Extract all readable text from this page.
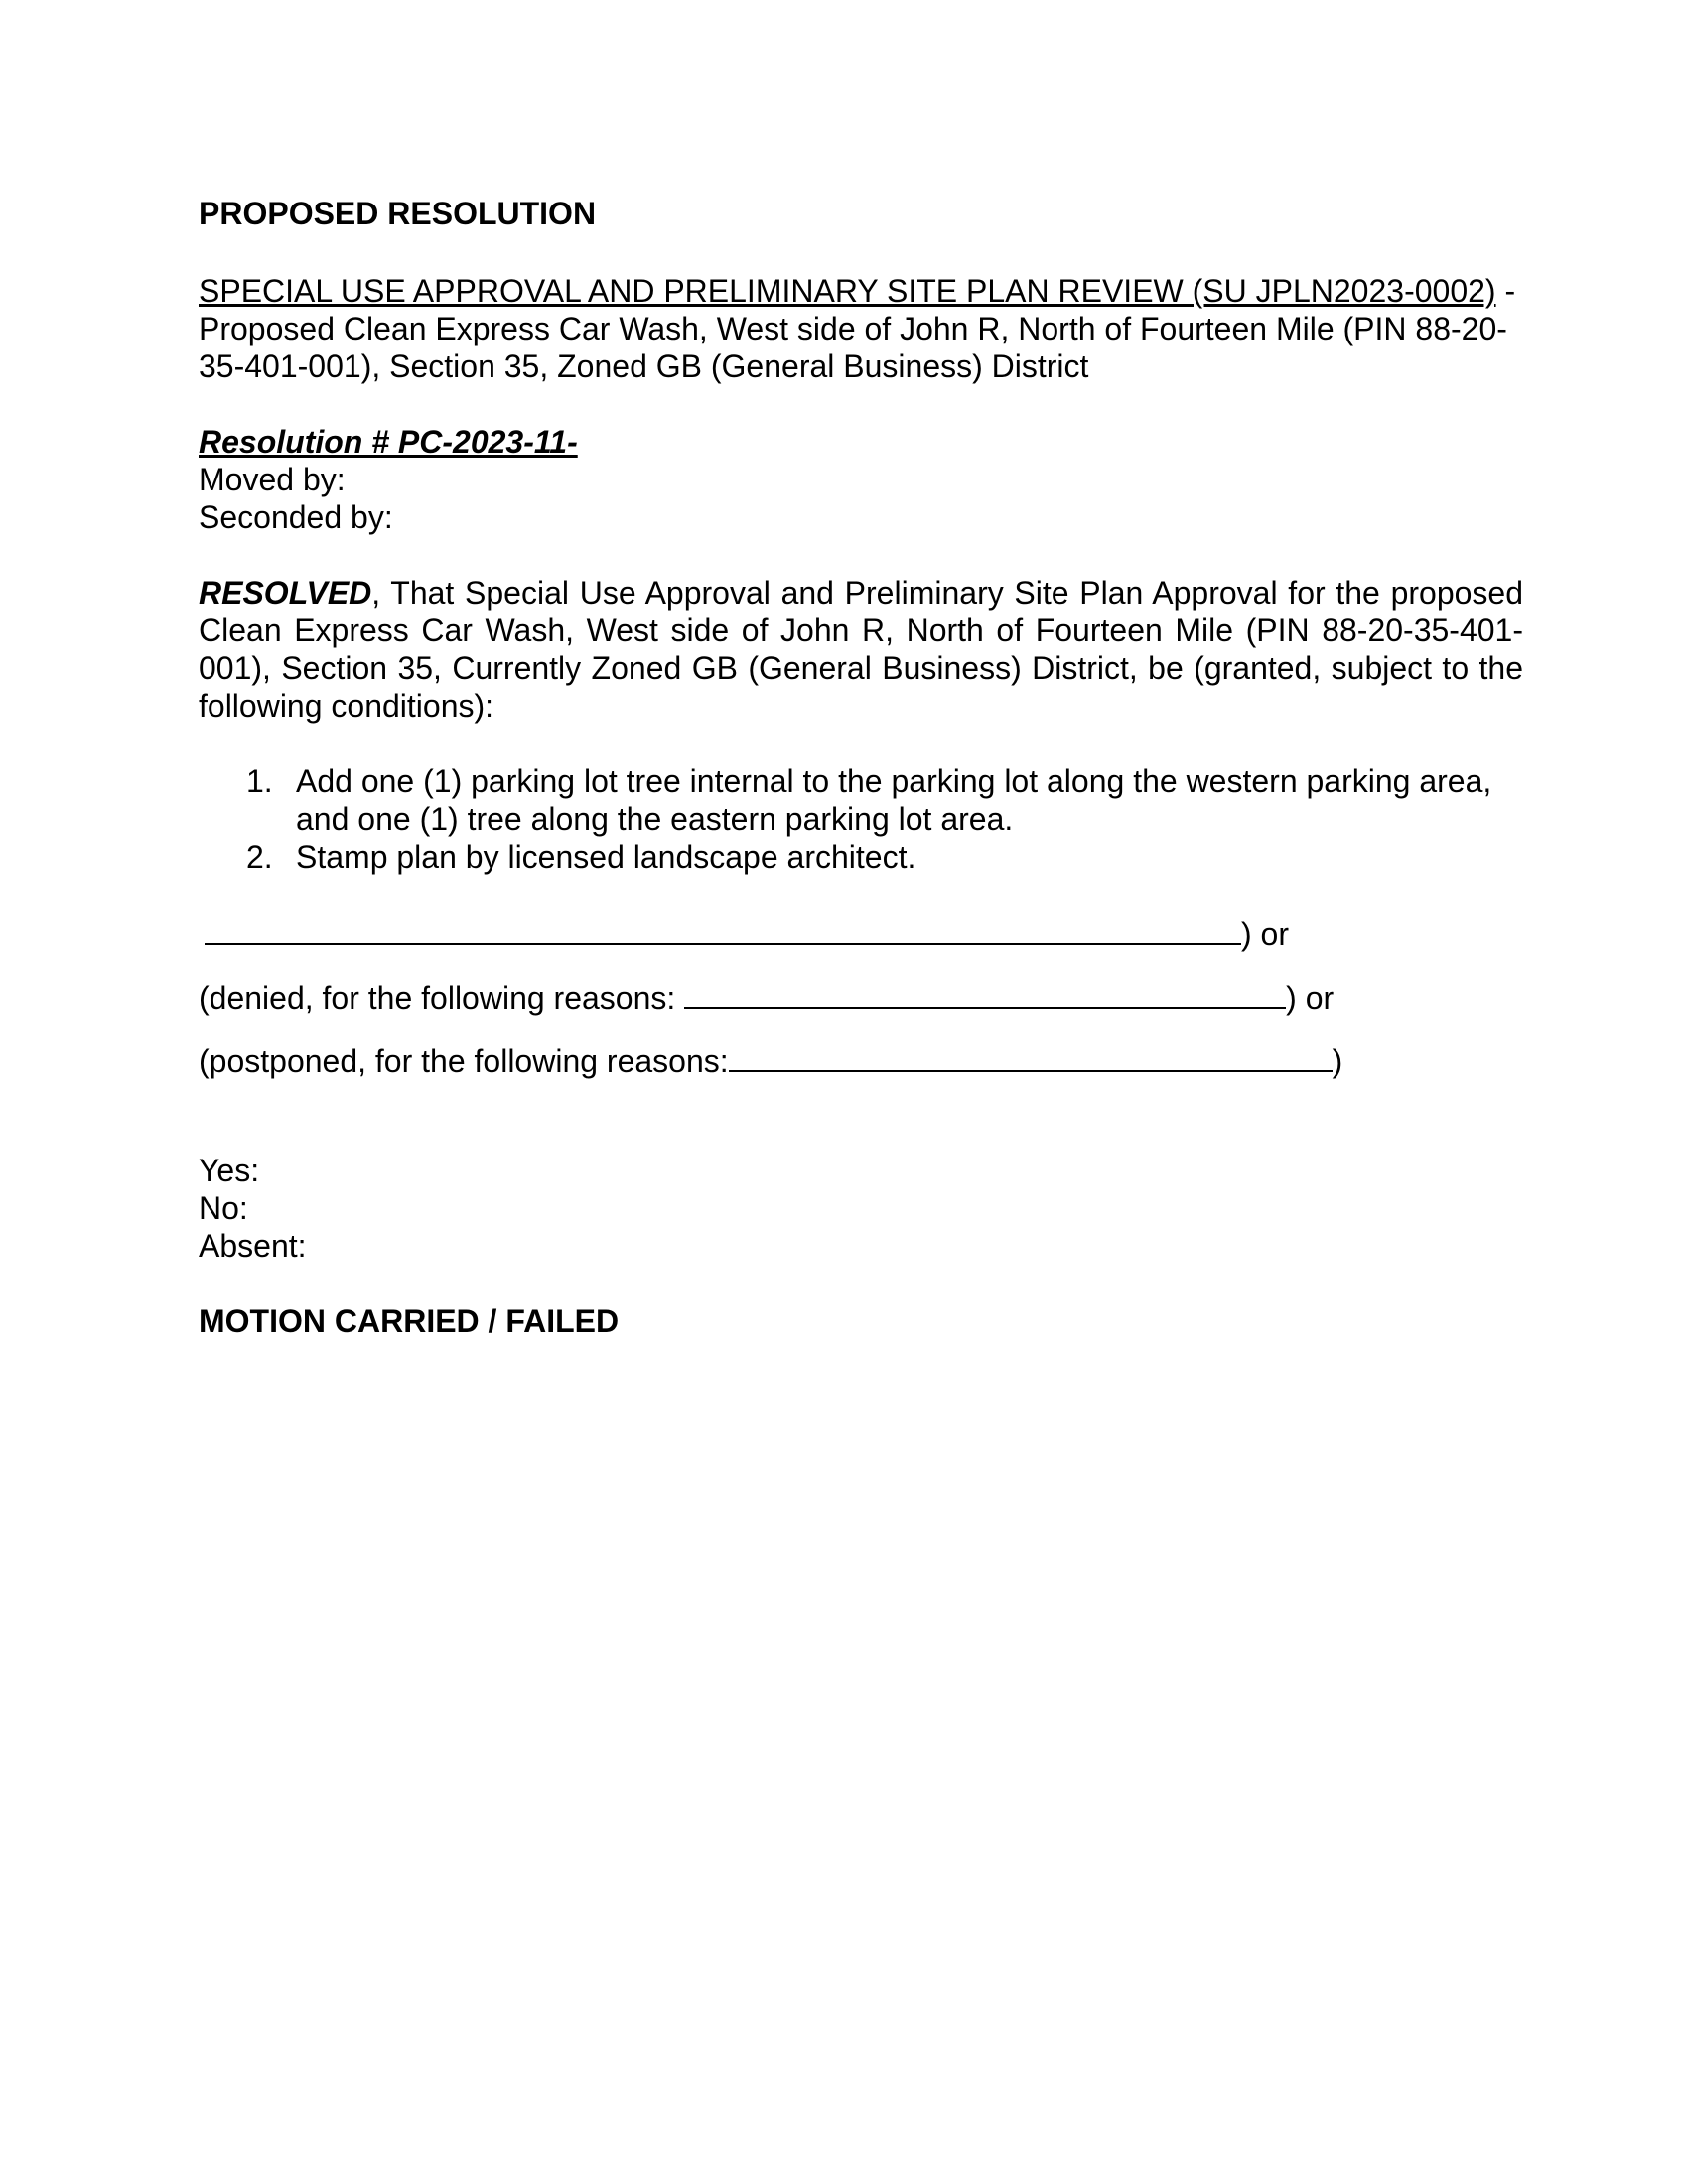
PROPOSED RESOLUTION

SPECIAL USE APPROVAL AND PRELIMINARY SITE PLAN REVIEW (SU JPLN2023-0002) - Proposed Clean Express Car Wash, West side of John R, North of Fourteen Mile (PIN 88-20-35-401-001), Section 35, Zoned GB (General Business) District
Resolution # PC-2023-11-
Moved by:
Seconded by:
RESOLVED, That Special Use Approval and Preliminary Site Plan Approval for the proposed Clean Express Car Wash, West side of John R, North of Fourteen Mile (PIN 88-20-35-401-001), Section 35, Currently Zoned GB (General Business) District, be (granted, subject to the following conditions):
1. Add one (1) parking lot tree internal to the parking lot along the western parking area, and one (1) tree along the eastern parking lot area.
2. Stamp plan by licensed landscape architect.
) or
(denied, for the following reasons:	) or
(postponed, for the following reasons:	)
Yes:
No:
Absent:
MOTION CARRIED / FAILED
